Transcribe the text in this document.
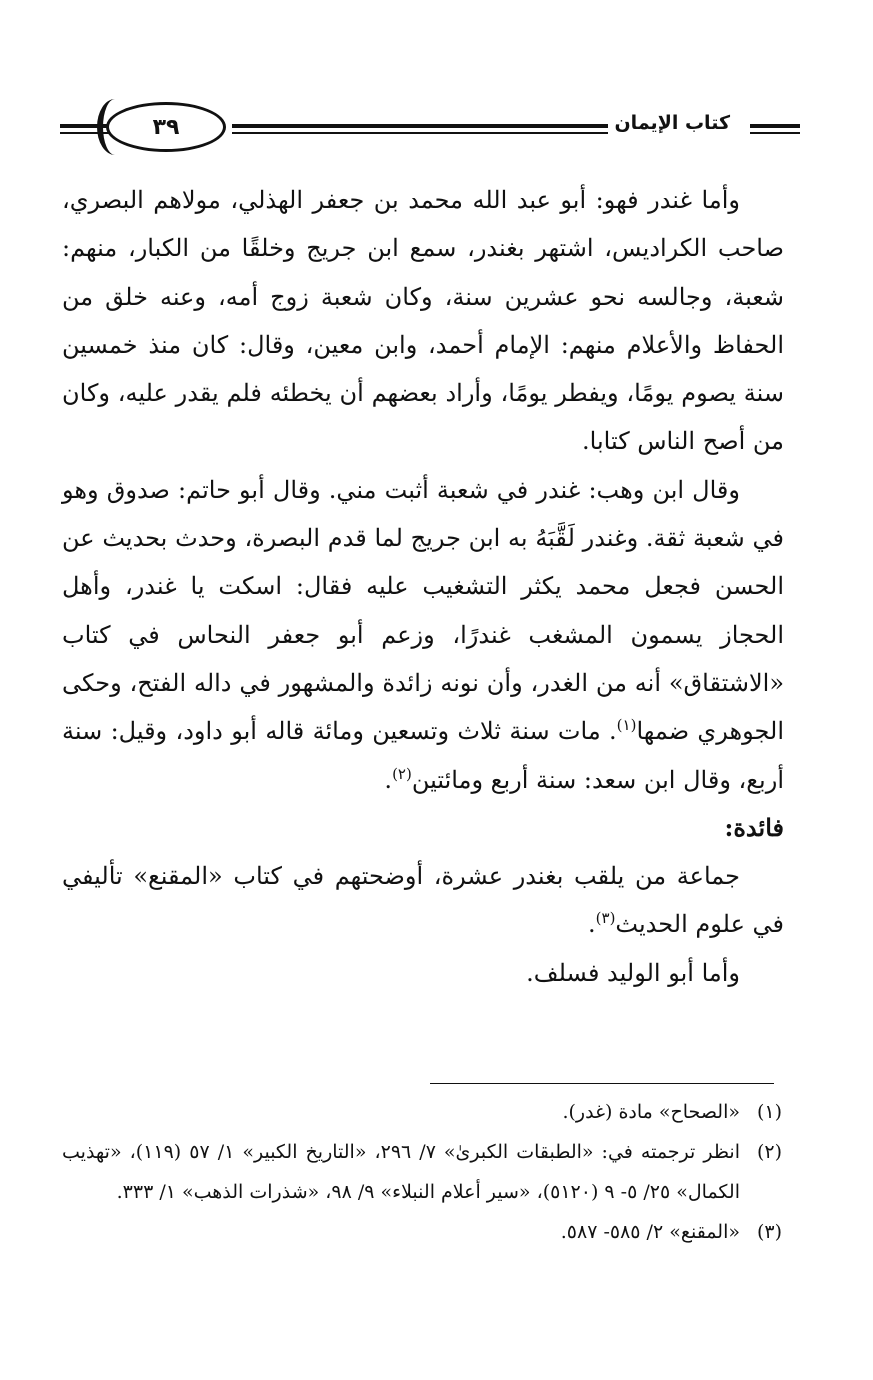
٣٩	كتاب الإيمان

وأما غندر فهو: أبو عبد الله محمد بن جعفر الهذلي، مولاهم البصري، صاحب الكراديس، اشتهر بغندر، سمع ابن جريج وخلقًا من الكبار، منهم: شعبة، وجالسه نحو عشرين سنة، وكان شعبة زوج أمه، وعنه خلق من الحفاظ والأعلام منهم: الإمام أحمد، وابن معين، وقال: كان منذ خمسين سنة يصوم يومًا، ويفطر يومًا، وأراد بعضهم أن يخطئه فلم يقدر عليه، وكان من أصح الناس كتابا.

وقال ابن وهب: غندر في شعبة أثبت مني. وقال أبو حاتم: صدوق وهو في شعبة ثقة. وغندر لَقَّبَهُ به ابن جريج لما قدم البصرة، وحدث بحديث عن الحسن فجعل محمد يكثر التشغيب عليه فقال: اسكت يا غندر، وأهل الحجاز يسمون المشغب غندرًا، وزعم أبو جعفر النحاس في كتاب «الاشتقاق» أنه من الغدر، وأن نونه زائدة والمشهور في داله الفتح، وحكى الجوهري ضمها$^{(١)}$. مات سنة ثلاث وتسعين ومائة قاله أبو داود، وقيل: سنة أربع، وقال ابن سعد: سنة أربع ومائتين$^{(٢)}$.

فائدة:

جماعة من يلقب بغندر عشرة، أوضحتهم في كتاب «المقنع» تأليفي في علوم الحديث$^{(٣)}$.

وأما أبو الوليد فسلف.

(١)
«الصحاح» مادة (غدر).

(٢)
انظر ترجمته في: «الطبقات الكبرىٰ» ٧/ ٢٩٦، «التاريخ الكبير» ١/ ٥٧ (١١٩)، «تهذيب الكمال» ٢٥/ ٥- ٩ (٥١٢٠)، «سير أعلام النبلاء» ٩/ ٩٨، «شذرات الذهب» ١/ ٣٣٣.

(٣)
«المقنع» ٢/ ٥٨٥- ٥٨٧.
